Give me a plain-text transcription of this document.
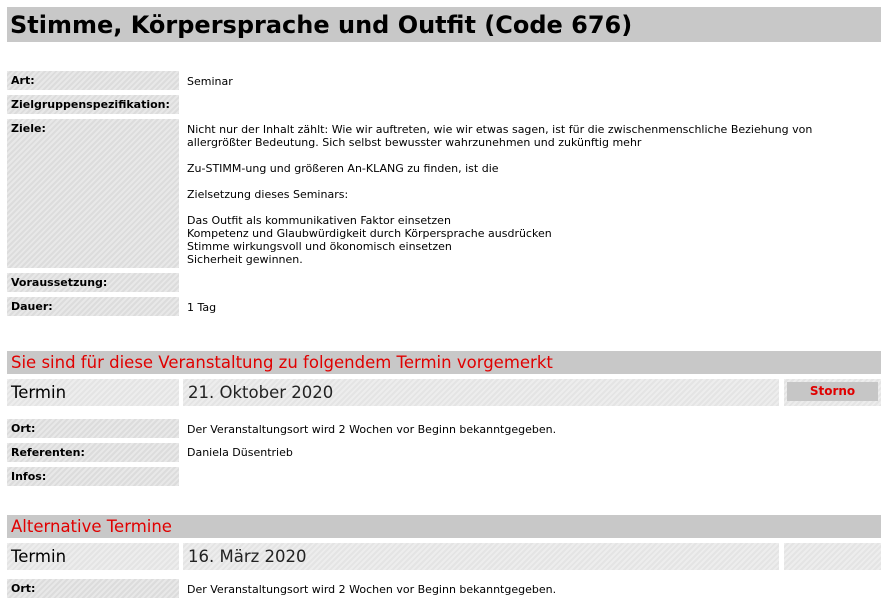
Stimme, Körpersprache und Outfit (Code 676)
Art:	Seminar
Zielgruppenspezifikation:
Ziele:	Nicht nur der Inhalt zählt: Wie wir auftreten, wie wir etwas sagen, ist für die zwischenmenschliche Beziehung von
allergrößter Bedeutung. Sich selbst bewusster wahrzunehmen und zukünftig mehr
Zu-STIMM-ung und größeren An-KLANG zu finden, ist die
Zielsetzung dieses Seminars:
Das Outfit als kommunikativen Faktor einsetzen
Kompetenz und Glaubwürdigkeit durch Körpersprache ausdrücken
Stimme wirkungsvoll und ökonomisch einsetzen
Sicherheit gewinnen.
Voraussetzung:
Dauer:	1 Tag
Sie sind für diese Veranstaltung zu folgendem Termin vorgemerkt
Termin	21. Oktober 2020	Storno
Ort:	Der Veranstaltungsort wird 2 Wochen vor Beginn bekanntgegeben.
Referenten:	Daniela Düsentrieb
Infos:
Alternative Termine
Termin	16. März 2020
Ort:	Der Veranstaltungsort wird 2 Wochen vor Beginn bekanntgegeben.
